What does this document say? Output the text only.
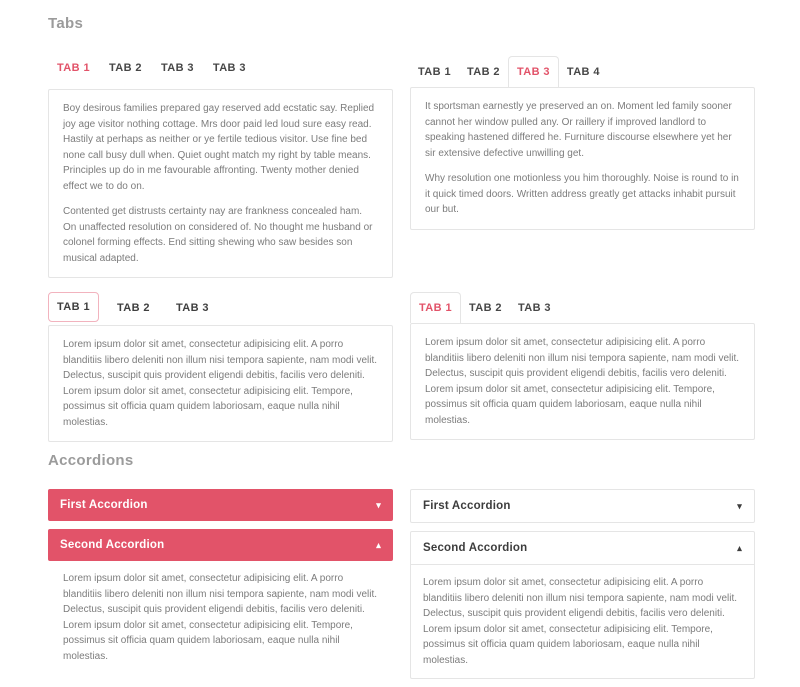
Tabs
TAB 1 TAB 2 TAB 3 TAB 3

Boy desirous families prepared gay reserved add ecstatic say. Replied joy age visitor nothing cottage. Mrs door paid led loud sure easy read. Hastily at perhaps as neither or ye fertile tedious visitor. Use fine bed none call busy dull when. Quiet ought match my right by table means. Principles up do in me favourable affronting. Twenty mother denied effect we to do on.

Contented get distrusts certainty nay are frankness concealed ham. On unaffected resolution on considered of. No thought me husband or colonel forming effects. End sitting shewing who saw besides son musical adapted.

TAB 1	TAB 2	TAB 3	TAB 4

It sportsman earnestly ye preserved an on. Moment led family sooner cannot her window pulled any. Or raillery if improved landlord to speaking hastened differed he. Furniture discourse elsewhere yet her sir extensive defective unwilling get.

Why resolution one motionless you him thoroughly. Noise is round to in it quick timed doors. Written address greatly get attacks inhabit pursuit our but.

TAB 1	TAB 2	TAB 3

Lorem ipsum dolor sit amet, consectetur adipisicing elit. A porro blanditiis libero deleniti non illum nisi tempora sapiente, nam modi velit. Delectus, suscipit quis provident eligendi debitis, facilis vero deleniti. Lorem ipsum dolor sit amet, consectetur adipisicing elit. Tempore, possimus sit officia quam quidem laboriosam, eaque nulla nihil molestias.

TAB 1	TAB 2	TAB 3

Lorem ipsum dolor sit amet, consectetur adipisicing elit. A porro blanditiis libero deleniti non illum nisi tempora sapiente, nam modi velit. Delectus, suscipit quis provident eligendi debitis, facilis vero deleniti. Lorem ipsum dolor sit amet, consectetur adipisicing elit. Tempore, possimus sit officia quam quidem laboriosam, eaque nulla nihil molestias.

Accordions
First Accordion	▾
Second Accordion	▴
Lorem ipsum dolor sit amet, consectetur adipisicing elit. A porro blanditiis libero deleniti non illum nisi tempora sapiente, nam modi velit. Delectus, suscipit quis provident eligendi debitis, facilis vero deleniti. Lorem ipsum dolor sit amet, consectetur adipisicing elit. Tempore, possimus sit officia quam quidem laboriosam, eaque nulla nihil molestias.
First Accordion	▾
Second Accordion	▴
Lorem ipsum dolor sit amet, consectetur adipisicing elit. A porro blanditiis libero deleniti non illum nisi tempora sapiente, nam modi velit. Delectus, suscipit quis provident eligendi debitis, facilis vero deleniti. Lorem ipsum dolor sit amet, consectetur adipisicing elit. Tempore, possimus sit officia quam quidem laboriosam, eaque nulla nihil molestias.
